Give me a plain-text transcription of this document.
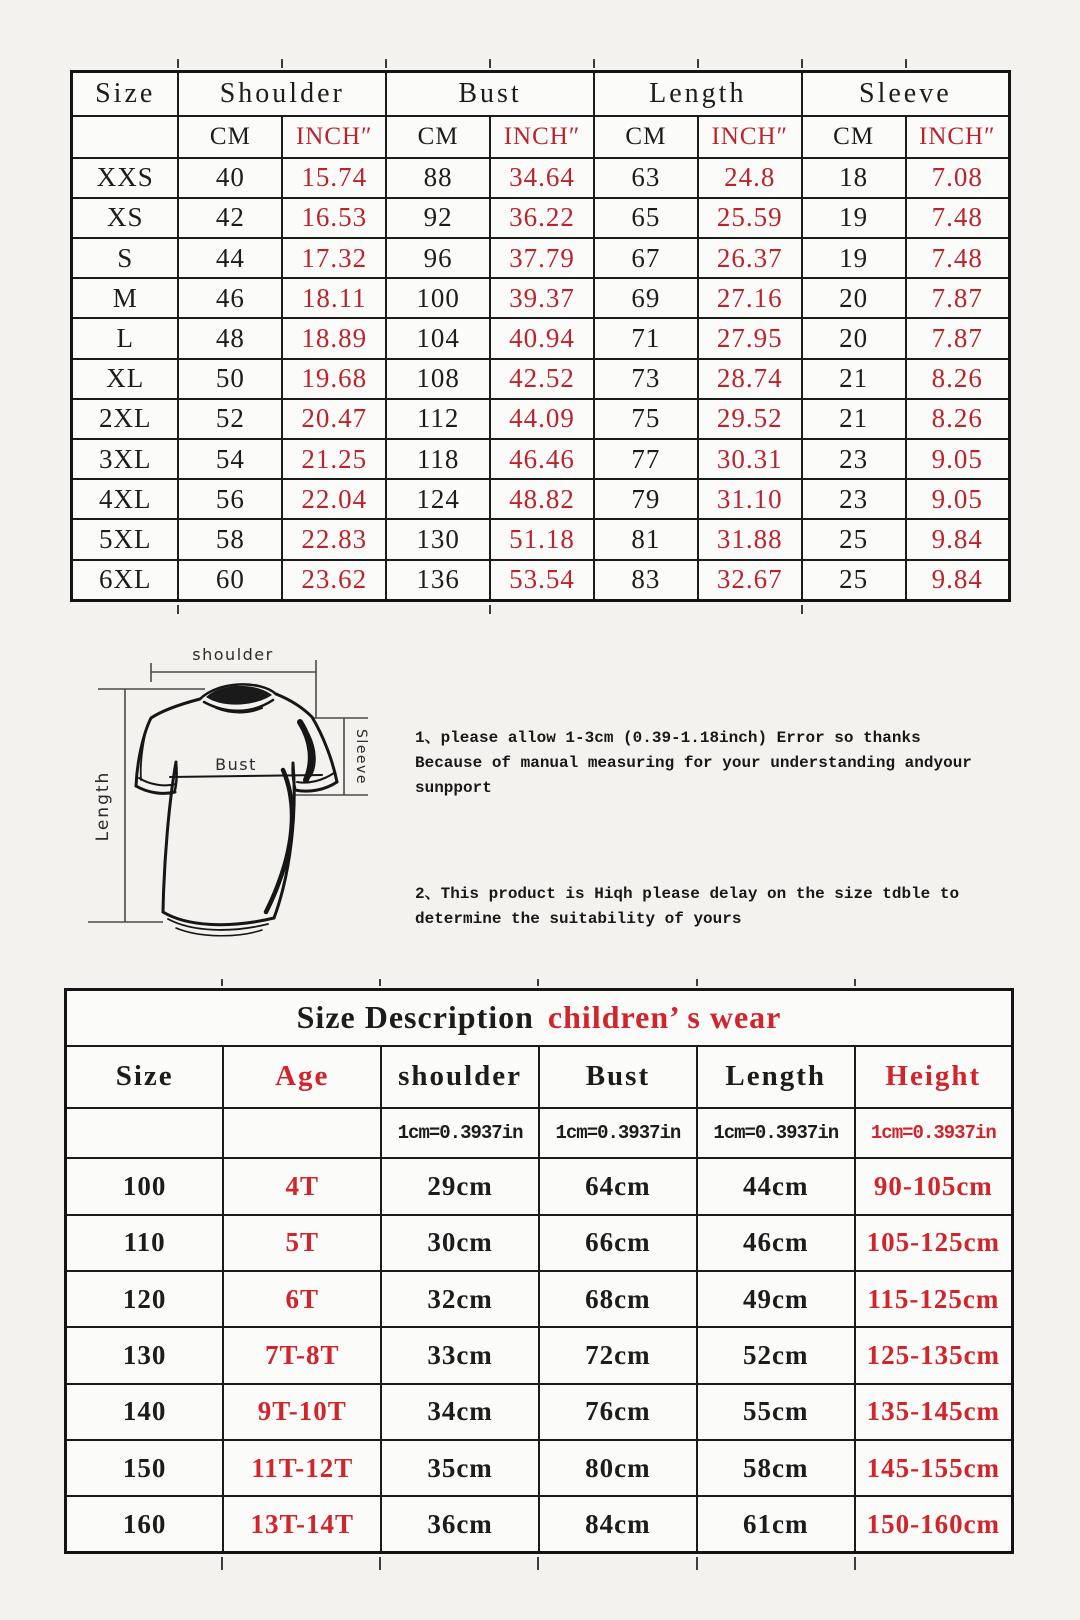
Size	Shoulder		Bust		Length		Sleeve	
	CM	INCH″	CM	INCH″	CM	INCH″	CM	INCH″
XXS	40	15.74	88	34.64	63	24.8	18	7.08
XS	42	16.53	92	36.22	65	25.59	19	7.48
S	44	17.32	96	37.79	67	26.37	19	7.48
M	46	18.11	100	39.37	69	27.16	20	7.87
L	48	18.89	104	40.94	71	27.95	20	7.87
XL	50	19.68	108	42.52	73	28.74	21	8.26
2XL	52	20.47	112	44.09	75	29.52	21	8.26
3XL	54	21.25	118	46.46	77	30.31	23	9.05
4XL	56	22.04	124	48.82	79	31.10	23	9.05
5XL	58	22.83	130	51.18	81	31.88	25	9.84
6XL	60	23.62	136	53.54	83	32.67	25	9.84
shoulder
Bust
Length
Sleeve	1、please allow 1-3cm (0.39-1.18inch) Error so thanks
Because of manual measuring for your understanding andyour
sunpport
2、This product is Hiqh please delay on the size tdble to
determine the suitability of yours
Size Description children’ s wear					
Size	Age	shoulder	Bust	Length	Height
		1cm=0.3937in	1cm=0.3937in	1cm=0.3937in	1cm=0.3937in
100	4T	29cm	64cm	44cm	90-105cm
110	5T	30cm	66cm	46cm	105-125cm
120	6T	32cm	68cm	49cm	115-125cm
130	7T-8T	33cm	72cm	52cm	125-135cm
140	9T-10T	34cm	76cm	55cm	135-145cm
150	11T-12T	35cm	80cm	58cm	145-155cm
160	13T-14T	36cm	84cm	61cm	150-160cm
